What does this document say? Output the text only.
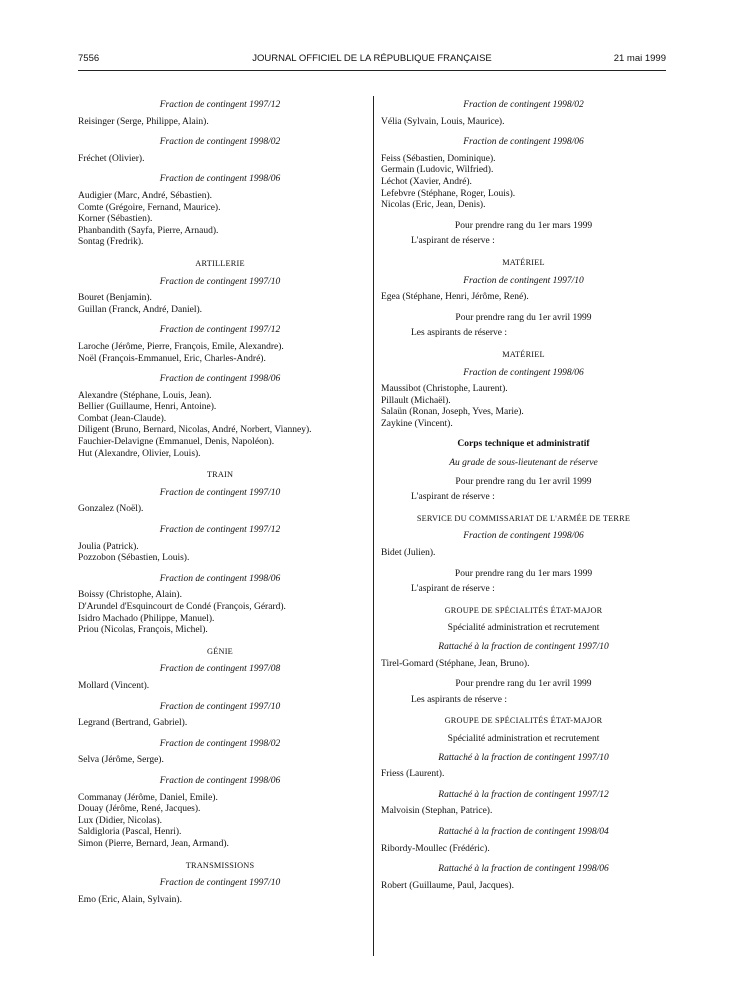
7556	JOURNAL OFFICIEL DE LA RÉPUBLIQUE FRANÇAISE	21 mai 1999
Fraction de contingent 1997/12
Reisinger (Serge, Philippe, Alain).
Fraction de contingent 1998/02
Fréchet (Olivier).
Fraction de contingent 1998/06
Audigier (Marc, André, Sébastien).
Comte (Grégoire, Fernand, Maurice).
Korner (Sébastien).
Phanbandith (Sayfa, Pierre, Arnaud).
Sontag (Fredrik).
ARTILLERIE
Fraction de contingent 1997/10
Bouret (Benjamin).
Guillan (Franck, André, Daniel).
Fraction de contingent 1997/12
Laroche (Jérôme, Pierre, François, Emile, Alexandre).
Noël (François-Emmanuel, Eric, Charles-André).
Fraction de contingent 1998/06
Alexandre (Stéphane, Louis, Jean).
Bellier (Guillaume, Henri, Antoine).
Combat (Jean-Claude).
Diligent (Bruno, Bernard, Nicolas, André, Norbert, Vianney).
Fauchier-Delavigne (Emmanuel, Denis, Napoléon).
Hut (Alexandre, Olivier, Louis).
TRAIN
Fraction de contingent 1997/10
Gonzalez (Noël).
Fraction de contingent 1997/12
Joulia (Patrick).
Pozzobon (Sébastien, Louis).
Fraction de contingent 1998/06
Boissy (Christophe, Alain).
D'Arundel d'Esquincourt de Condé (François, Gérard).
Isidro Machado (Philippe, Manuel).
Priou (Nicolas, François, Michel).
GÉNIE
Fraction de contingent 1997/08
Mollard (Vincent).
Fraction de contingent 1997/10
Legrand (Bertrand, Gabriel).
Fraction de contingent 1998/02
Selva (Jérôme, Serge).
Fraction de contingent 1998/06
Commanay (Jérôme, Daniel, Emile).
Douay (Jérôme, René, Jacques).
Lux (Didier, Nicolas).
Saldigloria (Pascal, Henri).
Simon (Pierre, Bernard, Jean, Armand).
TRANSMISSIONS
Fraction de contingent 1997/10
Emo (Eric, Alain, Sylvain).
Fraction de contingent 1998/02
Vélia (Sylvain, Louis, Maurice).
Fraction de contingent 1998/06
Feiss (Sébastien, Dominique).
Germain (Ludovic, Wilfried).
Léchot (Xavier, André).
Lefebvre (Stéphane, Roger, Louis).
Nicolas (Eric, Jean, Denis).
Pour prendre rang du 1er mars 1999
L'aspirant de réserve :
MATÉRIEL
Fraction de contingent 1997/10
Egea (Stéphane, Henri, Jérôme, René).
Pour prendre rang du 1er avril 1999
Les aspirants de réserve :
MATÉRIEL
Fraction de contingent 1998/06
Maussibot (Christophe, Laurent).
Pillault (Michaël).
Salaün (Ronan, Joseph, Yves, Marie).
Zaykine (Vincent).
Corps technique et administratif
Au grade de sous-lieutenant de réserve
Pour prendre rang du 1er avril 1999
L'aspirant de réserve :
SERVICE DU COMMISSARIAT DE L'ARMÉE DE TERRE
Fraction de contingent 1998/06
Bidet (Julien).
Pour prendre rang du 1er mars 1999
L'aspirant de réserve :
GROUPE DE SPÉCIALITÉS ÉTAT-MAJOR
Spécialité administration et recrutement
Rattaché à la fraction de contingent 1997/10
Tirel-Gomard (Stéphane, Jean, Bruno).
Pour prendre rang du 1er avril 1999
Les aspirants de réserve :
GROUPE DE SPÉCIALITÉS ÉTAT-MAJOR
Spécialité administration et recrutement
Rattaché à la fraction de contingent 1997/10
Friess (Laurent).
Rattaché à la fraction de contingent 1997/12
Malvoisin (Stephan, Patrice).
Rattaché à la fraction de contingent 1998/04
Ribordy-Moullec (Frédéric).
Rattaché à la fraction de contingent 1998/06
Robert (Guillaume, Paul, Jacques).
